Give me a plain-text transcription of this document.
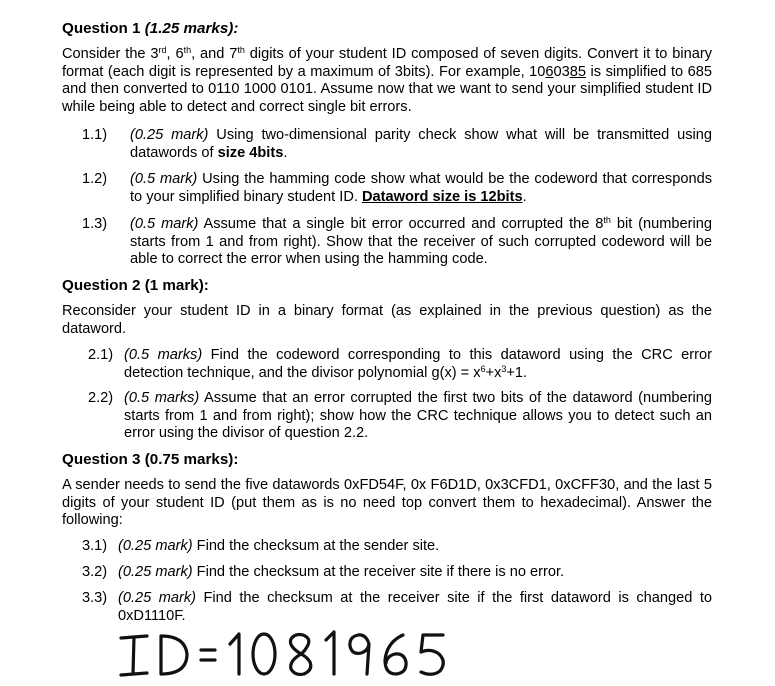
Question 1 (1.25 marks):
Consider the 3rd, 6th, and 7th digits of your student ID composed of seven digits. Convert it to binary format (each digit is represented by a maximum of 3bits). For example, 1060385 is simplified to 685 and then converted to 0110 1000 0101. Assume now that we want to send your simplified student ID while being able to detect and correct single bit errors.
1.1) (0.25 mark) Using two-dimensional parity check show what will be transmitted using datawords of size 4bits.
1.2) (0.5 mark) Using the hamming code show what would be the codeword that corresponds to your simplified binary student ID. Dataword size is 12bits.
1.3) (0.5 mark) Assume that a single bit error occurred and corrupted the 8th bit (numbering starts from 1 and from right). Show that the receiver of such corrupted codeword will be able to correct the error when using the hamming code.
Question 2 (1 mark):
Reconsider your student ID in a binary format (as explained in the previous question) as the dataword.
2.1) (0.5 marks) Find the codeword corresponding to this dataword using the CRC error detection technique, and the divisor polynomial $g(x) = x^6+x^3+1$.
2.2) (0.5 marks) Assume that an error corrupted the first two bits of the dataword (numbering starts from 1 and from right); show how the CRC technique allows you to detect such an error using the divisor of question 2.2.
Question 3 (0.75 marks):
A sender needs to send the five datawords 0xFD54F, 0x F6D1D, 0x3CFD1, 0xCFF30, and the last 5 digits of your student ID (put them as is no need top convert them to hexadecimal). Answer the following:
3.1) (0.25 mark) Find the checksum at the sender site.
3.2) (0.25 mark) Find the checksum at the receiver site if there is no error.
3.3) (0.25 mark) Find the checksum at the receiver site if the first dataword is changed to 0xD1110F.
